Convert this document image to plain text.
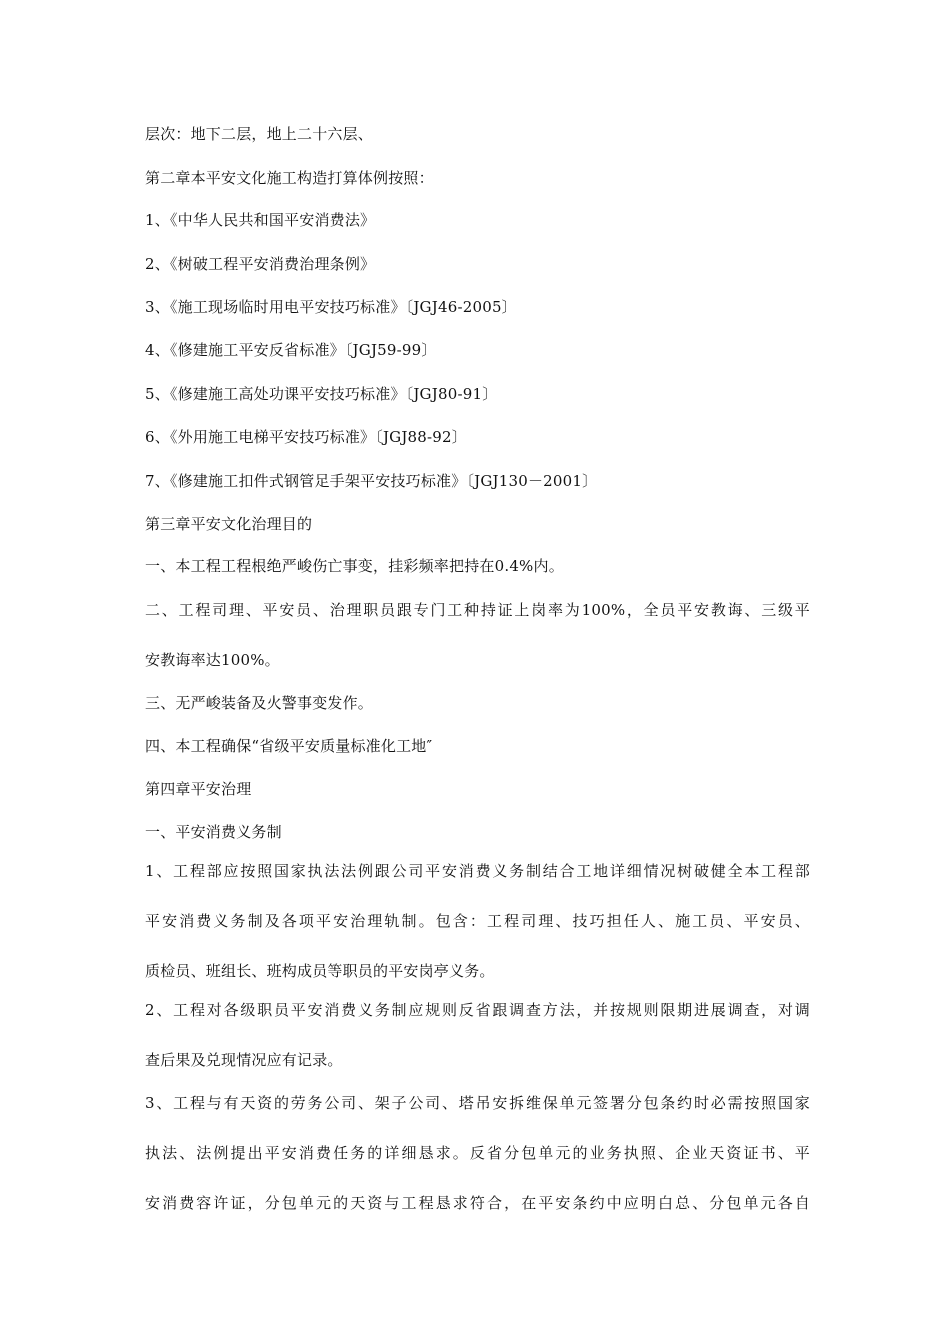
层次：地下二层，地上二十六层、
第二章本平安文化施工构造打算体例按照：
1、《中华人民共和国平安消费法》
2、《树破工程平安消费治理条例》
3、《施工现场临时用电平安技巧标准》〔JGJ46-2005〕
4、《修建施工平安反省标准》〔JGJ59-99〕
5、《修建施工高处功课平安技巧标准》〔JGJ80-91〕
6、《外用施工电梯平安技巧标准》〔JGJ88-92〕
7、《修建施工扣件式钢管足手架平安技巧标准》〔JGJ130－2001〕
第三章平安文化治理目的
一、本工程工程根绝严峻伤亡事变，挂彩频率把持在0.4%内。
二、工程司理、平安员、治理职员跟专门工种持证上岗率为100%，全员平安教诲、三级平
安教诲率达100%。
三、无严峻装备及火警事变发作。
四、本工程确保“省级平安质量标准化工地″
第四章平安治理
一、平安消费义务制
1、工程部应按照国家执法法例跟公司平安消费义务制结合工地详细情况树破健全本工程部
平安消费义务制及各项平安治理轨制。包含：工程司理、技巧担任人、施工员、平安员、
质检员、班组长、班构成员等职员的平安岗亭义务。
2、工程对各级职员平安消费义务制应规则反省跟调查方法，并按规则限期进展调查，对调
查后果及兑现情况应有记录。
3、工程与有天资的劳务公司、架子公司、塔吊安拆维保单元签署分包条约时必需按照国家
执法、法例提出平安消费任务的详细恳求。反省分包单元的业务执照、企业天资证书、平
安消费容许证，分包单元的天资与工程恳求符合，在平安条约中应明白总、分包单元各自
